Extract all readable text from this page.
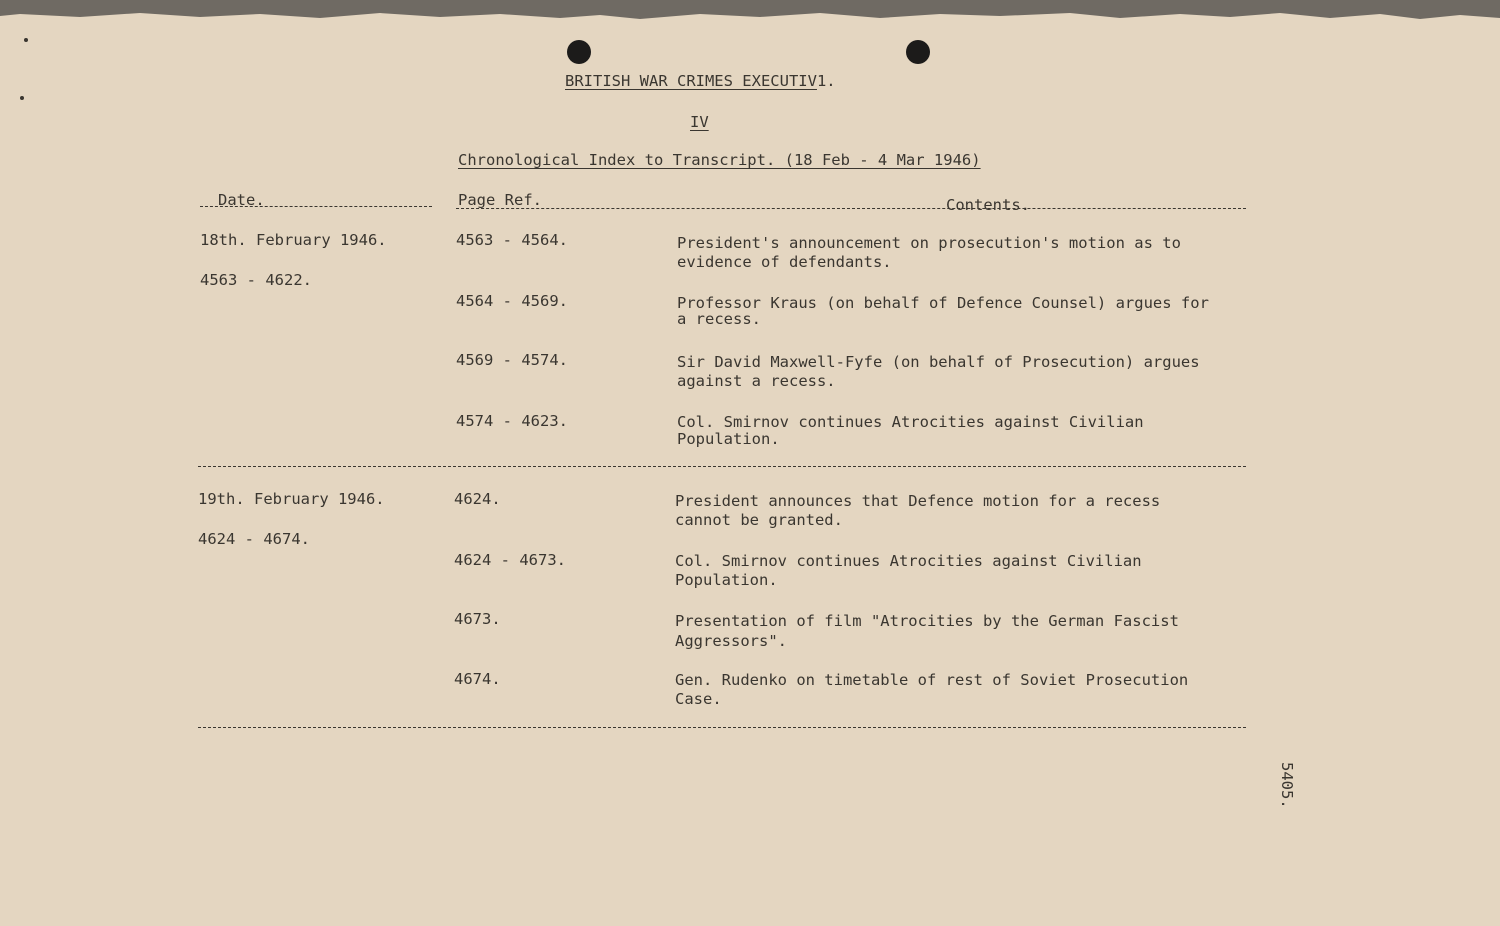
BRITISH WAR CRIMES EXECUTIV1.
IV
Chronological Index to Transcript. (18 Feb - 4 Mar 1946)
Date.	Page Ref.	Contents.
18th. February 1946.
4563 - 4622.
4563 - 4564.	President's announcement on prosecution's motion as to
evidence of defendants.
4564 - 4569.	Professor Kraus (on behalf of Defence Counsel) argues for
a recess.
4569 - 4574.	Sir David Maxwell-Fyfe (on behalf of Prosecution) argues
against a recess.
4574 - 4623.	Col. Smirnov continues Atrocities against Civilian
Population.
19th. February 1946.
4624 - 4674.
4624.	President announces that Defence motion for a recess
cannot be granted.
4624 - 4673.	Col. Smirnov continues Atrocities against Civilian
Population.
4673.	Presentation of film "Atrocities by the German Fascist
Aggressors".
4674.	Gen. Rudenko on timetable of rest of Soviet Prosecution
Case.
5405.
